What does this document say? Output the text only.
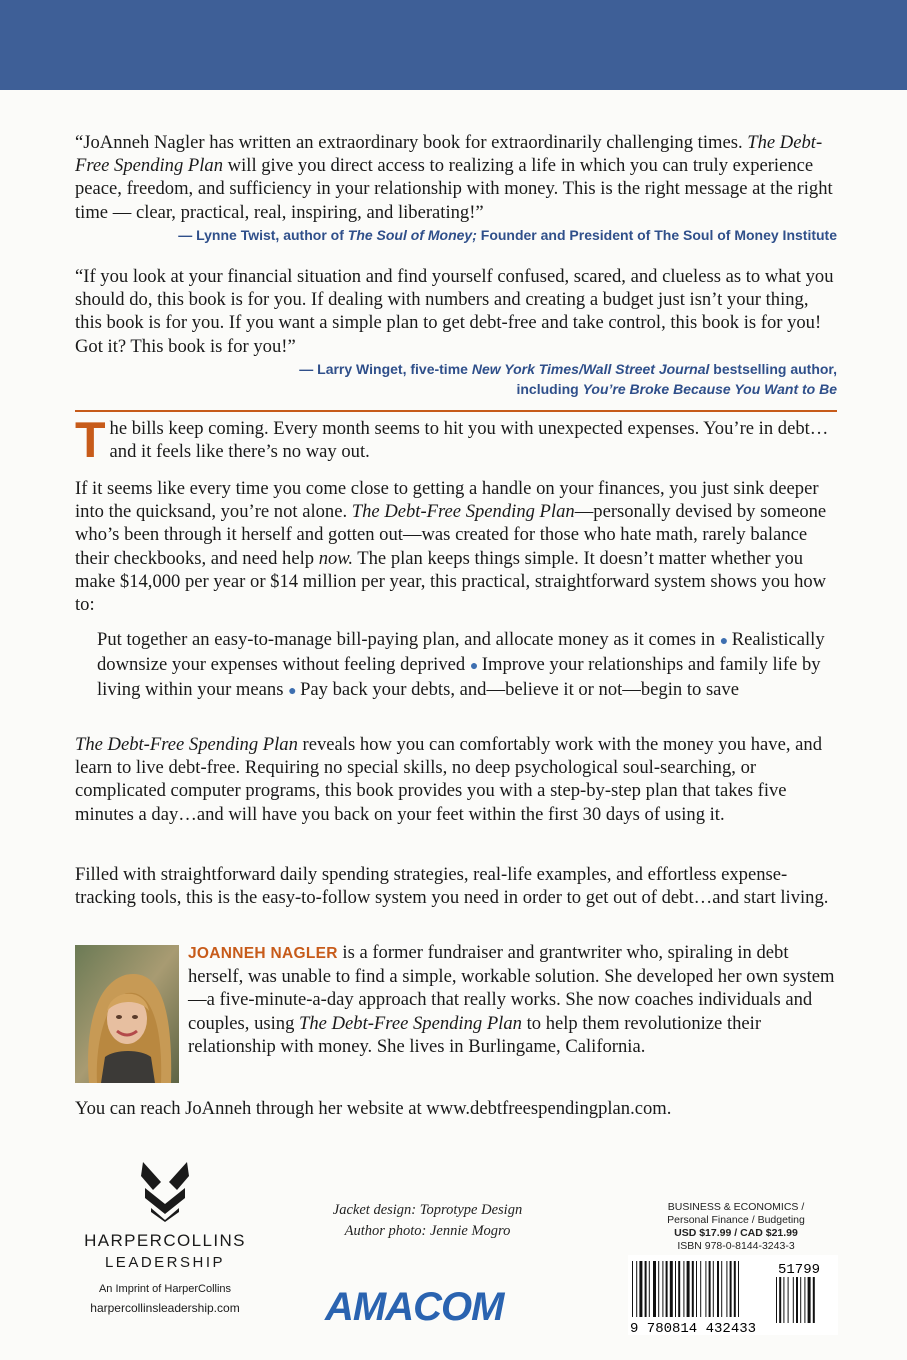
“JoAnneh Nagler has written an extraordinary book for extraordinarily challenging times. The Debt-Free Spending Plan will give you direct access to realizing a life in which you can truly experience peace, freedom, and sufficiency in your relationship with money. This is the right message at the right time — clear, practical, real, inspiring, and liberating!”

— Lynne Twist, author of The Soul of Money; Founder and President of The Soul of Money Institute

“If you look at your financial situation and find yourself confused, scared, and clueless as to what you should do, this book is for you. If dealing with numbers and creating a budget just isn’t your thing, this book is for you. If you want a simple plan to get debt-free and take control, this book is for you! Got it? This book is for you!”

— Larry Winget, five-time New York Times/Wall Street Journal bestselling author,
including You’re Broke Because You Want to Be
T he bills keep coming. Every month seems to hit you with unexpected expenses. You’re in debt…and it feels like there’s no way out.
If it seems like every time you come close to getting a handle on your finances, you just sink deeper into the quicksand, you’re not alone. The Debt-Free Spending Plan—personally devised by someone who’s been through it herself and gotten out—was created for those who hate math, rarely balance their checkbooks, and need help now. The plan keeps things simple. It doesn’t matter whether you make $14,000 per year or $14 million per year, this practical, straightforward system shows you how to:
Put together an easy-to-manage bill-paying plan, and allocate money as it comes in ● Realistically downsize your expenses without feeling deprived ● Improve your relationships and family life by living within your means ● Pay back your debts, and—believe it or not—begin to save
The Debt-Free Spending Plan reveals how you can comfortably work with the money you have, and learn to live debt-free. Requiring no special skills, no deep psychological soul-searching, or complicated computer programs, this book provides you with a step-by-step plan that takes five minutes a day…and will have you back on your feet within the first 30 days of using it.
Filled with straightforward daily spending strategies, real-life examples, and effortless expense-tracking tools, this is the easy-to-follow system you need in order to get out of debt…and start living.
JOANNEH NAGLER is a former fundraiser and grantwriter who, spiraling in debt herself, was unable to find a simple, workable solution. She developed her own system—a five-minute-a-day approach that really works. She now coaches individuals and couples, using The Debt-Free Spending Plan to help them revolutionize their relationship with money. She lives in Burlingame, California.
You can reach JoAnneh through her website at www.debtfreespendingplan.com.
HARPERCOLLINS
LEADERSHIP
An Imprint of HarperCollins
harpercollinsleadership.com
Jacket design: Toprotype Design
Author photo: Jennie Mogro
AMACOM
BUSINESS & ECONOMICS /
Personal Finance / Budgeting
USD $17.99 / CAD $21.99
ISBN 978-0-8144-3243-3
51799
9 780814 432433
